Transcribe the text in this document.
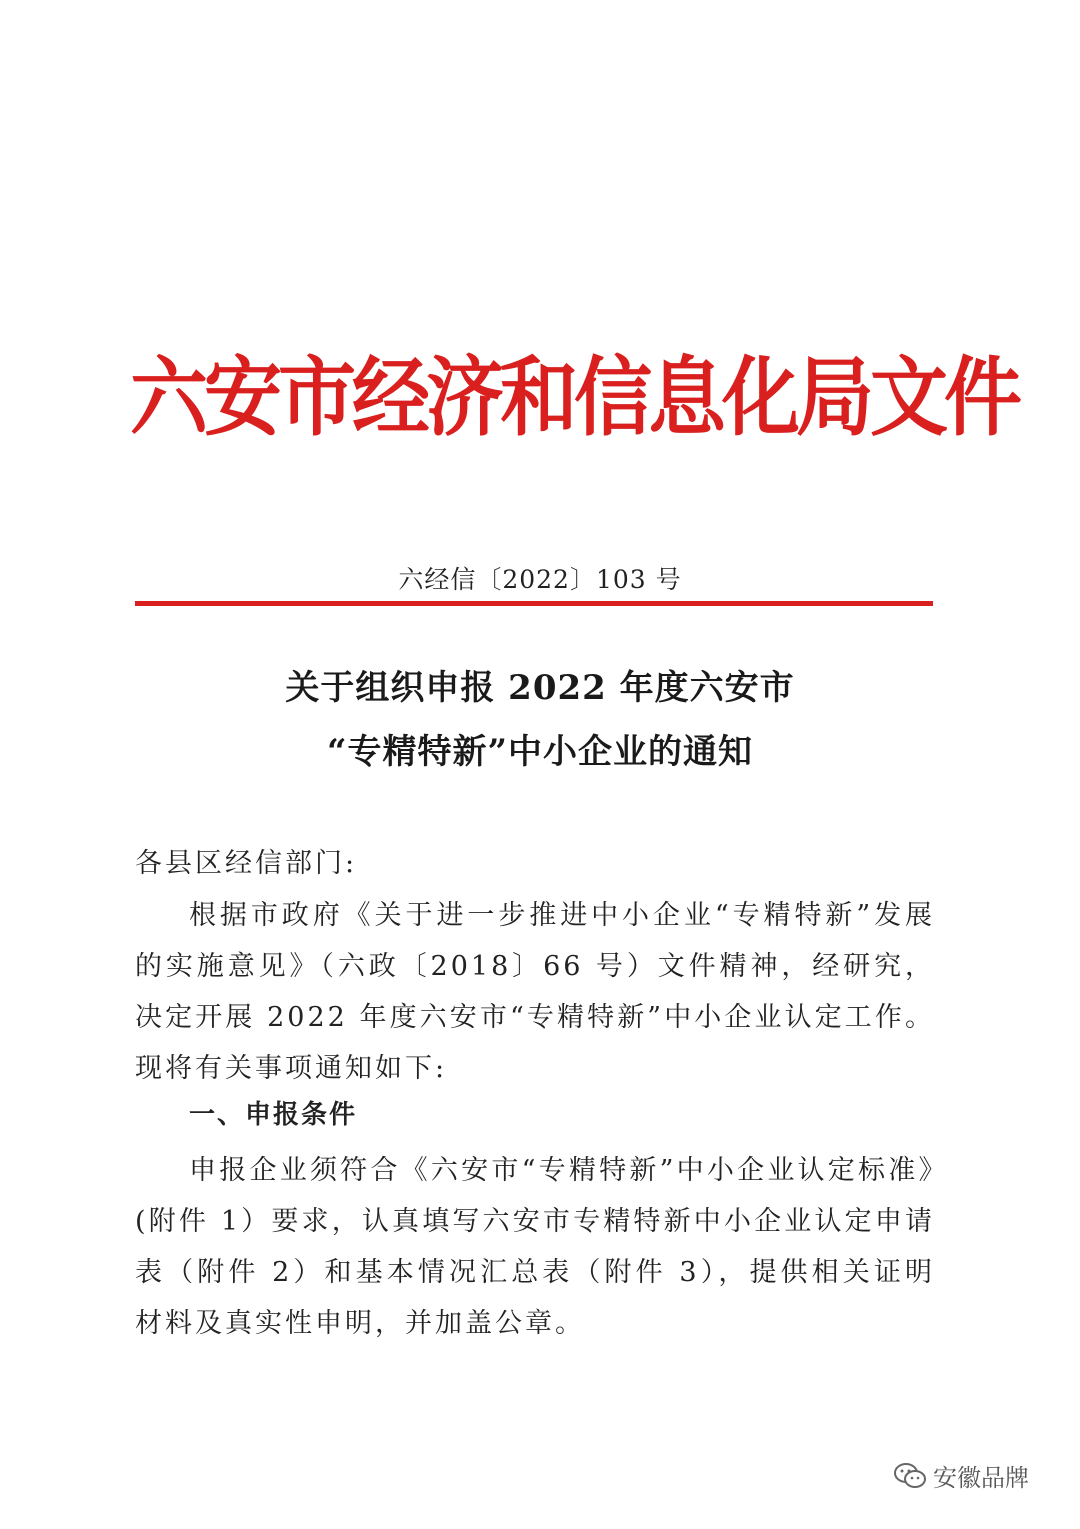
六安市经济和信息化局文件
六经信〔2022〕103 号
关于组织申报 2022 年度六安市
“专精特新”中小企业的通知
各县区经信部门:
根据市政府《关于进一步推进中小企业“专精特新”发展的实施意见》（六政〔2018〕66 号）文件精神，经研究，决定开展 2022 年度六安市“专精特新”中小企业认定工作。现将有关事项通知如下:
一、申报条件
申报企业须符合《六安市“专精特新”中小企业认定标准》(附件 1）要求，认真填写六安市专精特新中小企业认定申请表（附件 2）和基本情况汇总表（附件 3），提供相关证明材料及真实性申明，并加盖公章。
安徽品牌
